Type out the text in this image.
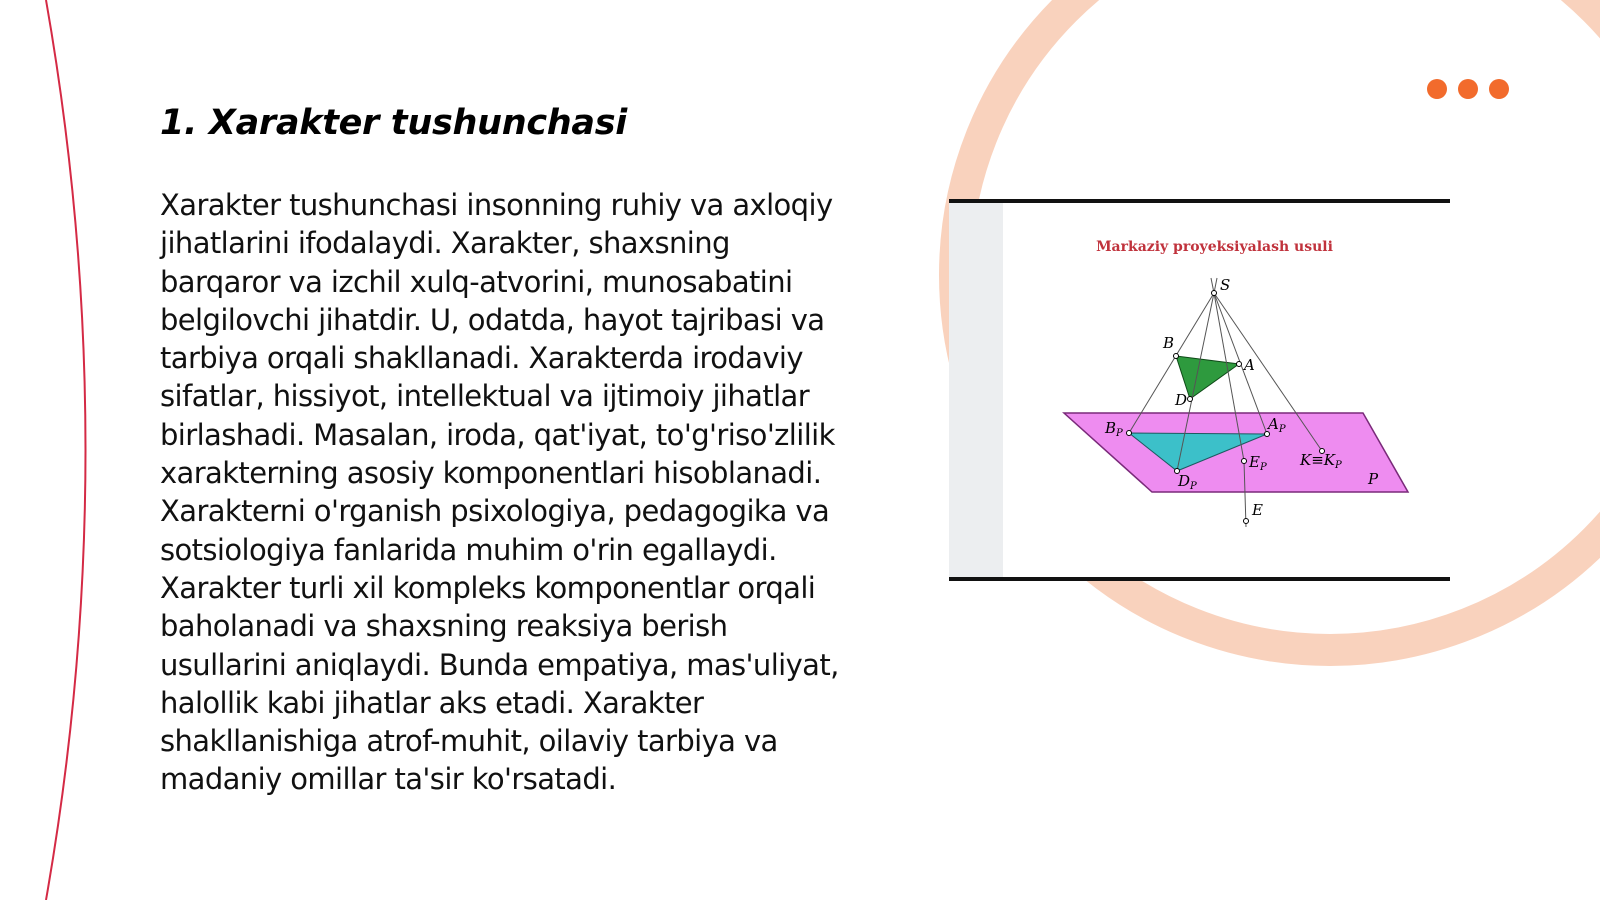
1. Xarakter tushunchasi

Xarakter tushunchasi insonning ruhiy va axloqiy jihatlarini ifodalaydi. Xarakter, shaxsning barqaror va izchil xulq-atvorini, munosabatini belgilovchi jihatdir. U, odatda, hayot tajribasi va tarbiya orqali shakllanadi. Xarakterda irodaviy sifatlar, hissiyot, intellektual va ijtimoiy jihatlar birlashadi. Masalan, iroda, qat'iyat, to'g'riso'zlilik xarakterning asosiy komponentlari hisoblanadi. Xarakterni o'rganish psixologiya, pedagogika va sotsiologiya fanlarida muhim o'rin egallaydi. Xarakter turli xil kompleks komponentlar orqali baholanadi va shaxsning reaksiya berish usullarini aniqlaydi. Bunda empatiya, mas'uliyat, halollik kabi jihatlar aks etadi. Xarakter shakllanishiga atrof-muhit, oilaviy tarbiya va madaniy omillar ta'sir ko'rsatadi.

Markaziy proyeksiyalash usuli
S
B
A
D
$B_P$
$A_P$
$D_P$
$E_P$ $K\equiv K_P$
P
E
